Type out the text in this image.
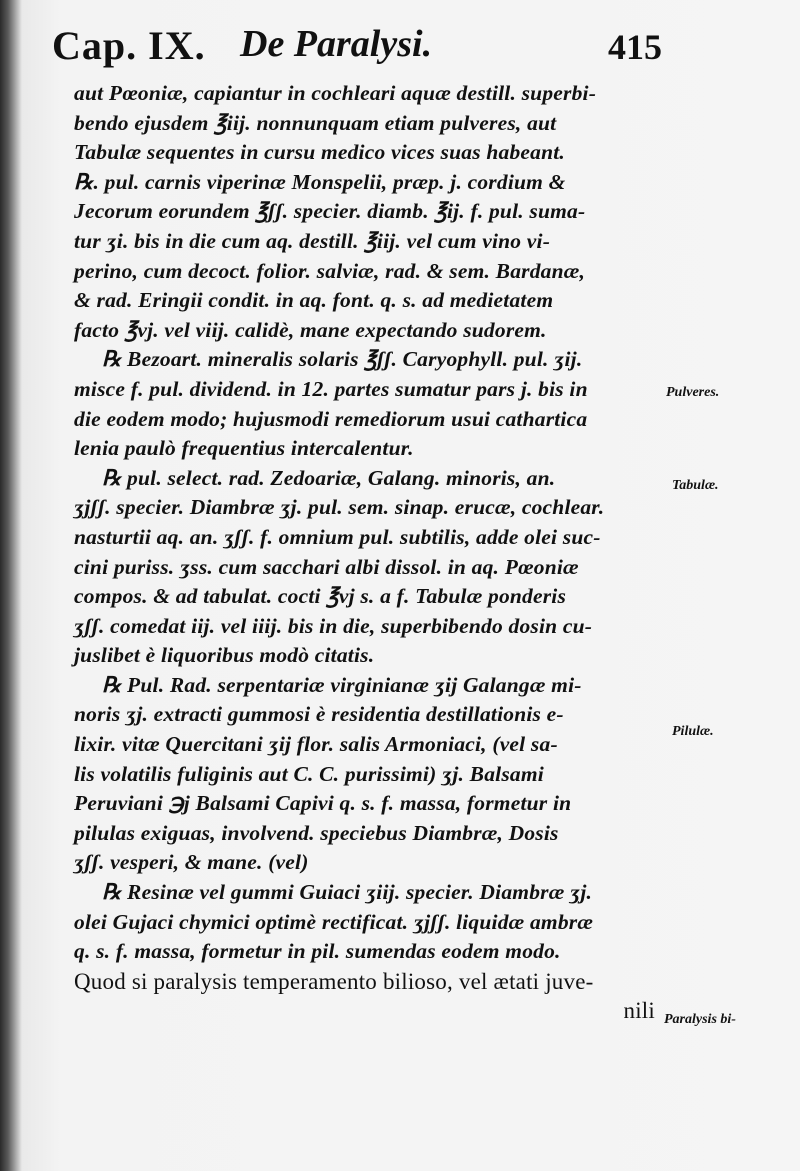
Cap. IX. De Paralysi.	415
aut Pœoniæ, capiantur in cochleari aquæ destill. superbi-
bendo ejusdem ℥iij. nonnunquam etiam pulveres, aut
Tabulæ sequentes in cursu medico vices suas habeant.
℞. pul. carnis viperinæ Monspelii, præp. j. cordium &
Jecorum eorundem ℥ʃʃ. specier. diamb. ℥ij. f. pul. suma-
tur ʒi. bis in die cum aq. destill. ℥iij. vel cum vino vi-
perino, cum decoct. folior. salviæ, rad. & sem. Bardanæ,
& rad. Eringii condit. in aq. font. q. s. ad medietatem
facto ℥vj. vel viij. calidè, mane expectando sudorem.
℞ Bezoart. mineralis solaris ℥ʃʃ. Caryophyll. pul. ʒij.
misce f. pul. dividend. in 12. partes sumatur pars j. bis in
die eodem modo; hujusmodi remediorum usui cathartica
lenia paulò frequentius intercalentur.
℞ pul. select. rad. Zedoariæ, Galang. minoris, an.
ʒjʃʃ. specier. Diambræ ʒj. pul. sem. sinap. erucæ, cochlear.
nasturtii aq. an. ʒʃʃ. f. omnium pul. subtilis, adde olei suc-
cini puriss. ʒss. cum sacchari albi dissol. in aq. Pœoniæ
compos. & ad tabulat. cocti ℥vj s. a f. Tabulæ ponderis
ʒʃʃ. comedat iij. vel iiij. bis in die, superbibendo dosin cu-
juslibet è liquoribus modò citatis.
℞ Pul. Rad. serpentariæ virginianæ ʒij Galangæ mi-
noris ʒj. extracti gummosi è residentia destillationis e-
lixir. vitæ Quercitani ʒij flor. salis Armoniaci, (vel sa-
lis volatilis fuliginis aut C. C. purissimi) ʒj. Balsami
Peruviani ℈j Balsami Capivi q. s. f. massa, formetur in
pilulas exiguas, involvend. speciebus Diambræ, Dosis
ʒʃʃ. vesperi, & mane. (vel)
℞ Resinæ vel gummi Guiaci ʒiij. specier. Diambræ ʒj.
olei Gujaci chymici optimè rectificat. ʒjʃʃ. liquidæ ambræ
q. s. f. massa, formetur in pil. sumendas eodem modo.
Quod si paralysis temperamento bilioso, vel ætati juve-
nili
Pulveres.
Tabulæ.
Pilulæ.
Paralysis bi-
